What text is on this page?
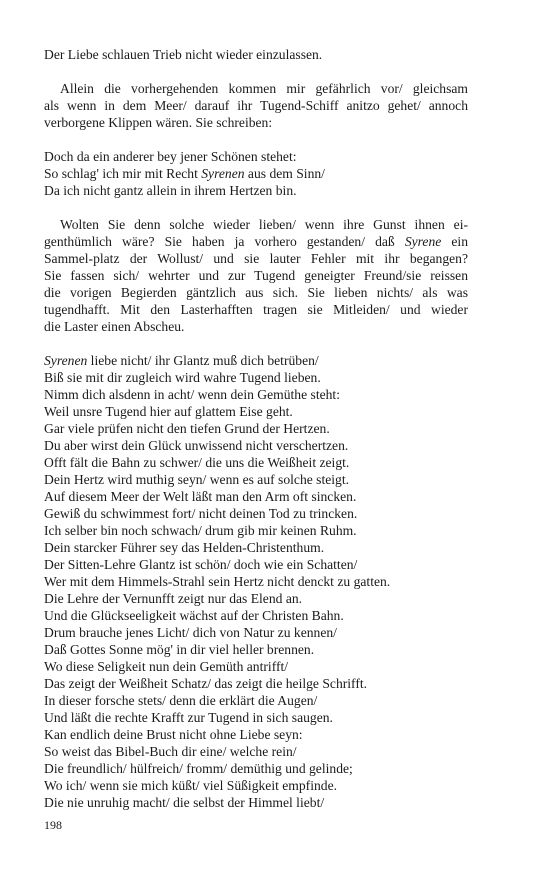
Der Liebe schlauen Trieb nicht wieder einzulassen.
Allein die vorhergehenden kommen mir gefährlich vor/ gleichsam
als wenn in dem Meer/ darauf ihr Tugend-Schiff anitzo gehet/ annoch
verborgene Klippen wären. Sie schreiben:
Doch da ein anderer bey jener Schönen stehet:
So schlag' ich mir mit Recht Syrenen aus dem Sinn/
Da ich nicht gantz allein in ihrem Hertzen bin.
Wolten Sie denn solche wieder lieben/ wenn ihre Gunst ihnen ei-
genthümlich wäre? Sie haben ja vorhero gestanden/ daß Syrene ein
Sammel-platz der Wollust/ und sie lauter Fehler mit ihr begangen?
Sie fassen sich/ wehrter und zur Tugend geneigter Freund/sie reissen
die vorigen Begierden gäntzlich aus sich. Sie lieben nichts/ als was
tugendhafft. Mit den Lasterhafften tragen sie Mitleiden/ und wieder
die Laster einen Abscheu.
Syrenen liebe nicht/ ihr Glantz muß dich betrüben/
Biß sie mit dir zugleich wird wahre Tugend lieben.
Nimm dich alsdenn in acht/ wenn dein Gemüthe steht:
Weil unsre Tugend hier auf glattem Eise geht.
Gar viele prüfen nicht den tiefen Grund der Hertzen.
Du aber wirst dein Glück unwissend nicht verschertzen.
Offt fält die Bahn zu schwer/ die uns die Weißheit zeigt.
Dein Hertz wird muthig seyn/ wenn es auf solche steigt.
Auf diesem Meer der Welt läßt man den Arm oft sincken.
Gewiß du schwimmest fort/ nicht deinen Tod zu trincken.
Ich selber bin noch schwach/ drum gib mir keinen Ruhm.
Dein starcker Führer sey das Helden-Christenthum.
Der Sitten-Lehre Glantz ist schön/ doch wie ein Schatten/
Wer mit dem Himmels-Strahl sein Hertz nicht denckt zu gatten.
Die Lehre der Vernunfft zeigt nur das Elend an.
Und die Glückseeligkeit wächst auf der Christen Bahn.
Drum brauche jenes Licht/ dich von Natur zu kennen/
Daß Gottes Sonne mög' in dir viel heller brennen.
Wo diese Seligkeit nun dein Gemüth antrifft/
Das zeigt der Weißheit Schatz/ das zeigt die heilge Schrifft.
In dieser forsche stets/ denn die erklärt die Augen/
Und läßt die rechte Krafft zur Tugend in sich saugen.
Kan endlich deine Brust nicht ohne Liebe seyn:
So weist das Bibel-Buch dir eine/ welche rein/
Die freundlich/ hülfreich/ fromm/ demüthig und gelinde;
Wo ich/ wenn sie mich küßt/ viel Süßigkeit empfinde.
Die nie unruhig macht/ die selbst der Himmel liebt/
198
